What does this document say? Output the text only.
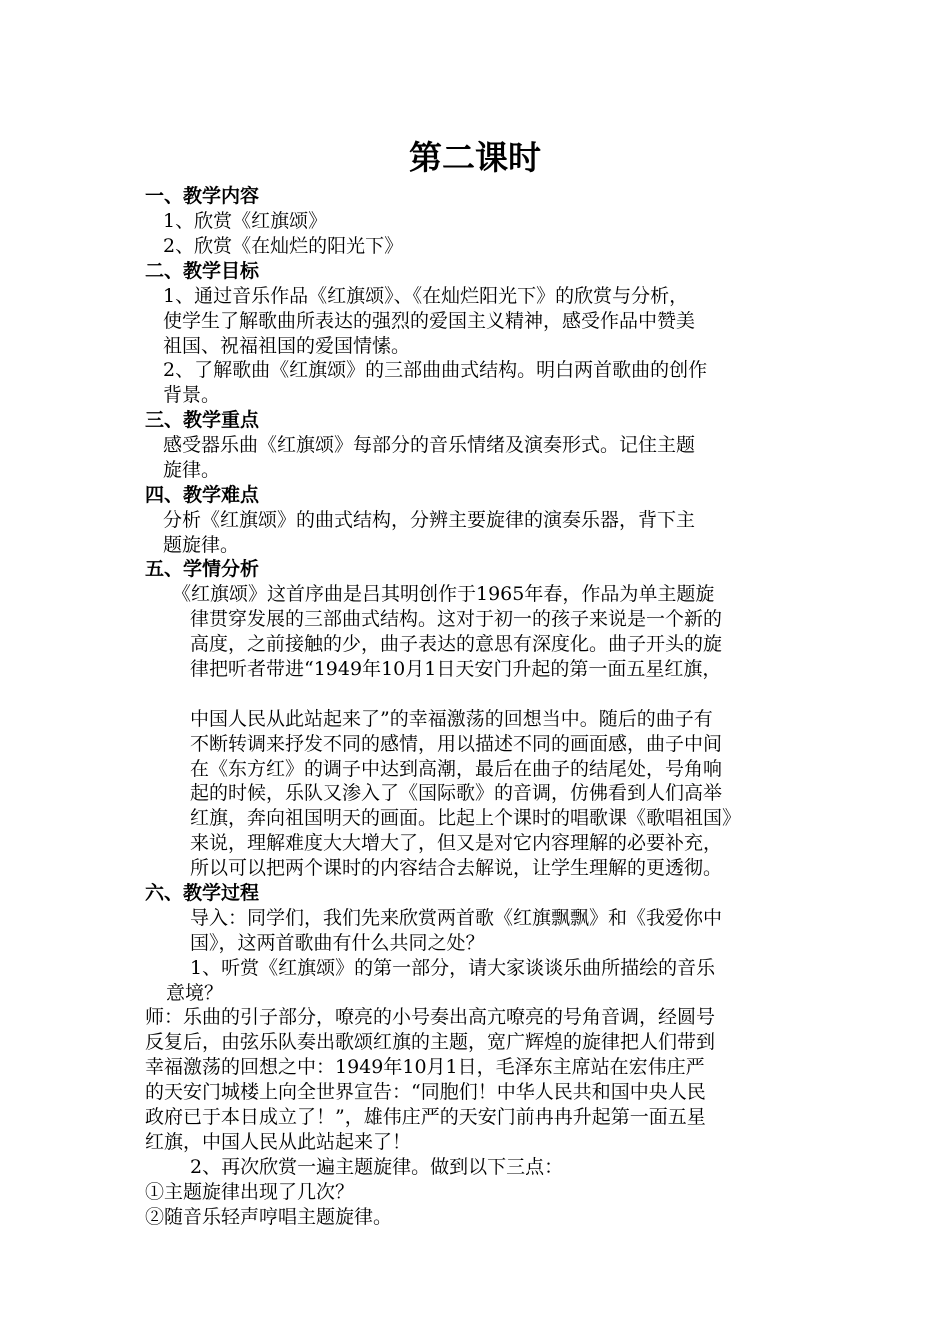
第二课时
一、教学内容
1、欣赏《红旗颂》
2、欣赏《在灿烂的阳光下》
二、教学目标
1、通过音乐作品《红旗颂》、《在灿烂阳光下》的欣赏与分析，
使学生了解歌曲所表达的强烈的爱国主义精神，感受作品中赞美
祖国、祝福祖国的爱国情愫。
2、了解歌曲《红旗颂》的三部曲曲式结构。明白两首歌曲的创作
背景。
三、教学重点
感受器乐曲《红旗颂》每部分的音乐情绪及演奏形式。记住主题
旋律。
四、教学难点
分析《红旗颂》的曲式结构，分辨主要旋律的演奏乐器，背下主
题旋律。
五、学情分析
《红旗颂》这首序曲是吕其明创作于1965年春，作品为单主题旋
律贯穿发展的三部曲式结构。这对于初一的孩子来说是一个新的
高度，之前接触的少，曲子表达的意思有深度化。曲子开头的旋
律把听者带进“1949年10月1日天安门升起的第一面五星红旗，
中国人民从此站起来了”的幸福激荡的回想当中。随后的曲子有
不断转调来抒发不同的感情，用以描述不同的画面感，曲子中间
在《东方红》的调子中达到高潮，最后在曲子的结尾处，号角响
起的时候，乐队又渗入了《国际歌》的音调，仿佛看到人们高举
红旗，奔向祖国明天的画面。比起上个课时的唱歌课《歌唱祖国》
来说，理解难度大大增大了，但又是对它内容理解的必要补充，
所以可以把两个课时的内容结合去解说，让学生理解的更透彻。
六、教学过程
导入：同学们，我们先来欣赏两首歌《红旗飘飘》和《我爱你中
国》，这两首歌曲有什么共同之处？
1、听赏《红旗颂》的第一部分，请大家谈谈乐曲所描绘的音乐
意境？
师：乐曲的引子部分，嘹亮的小号奏出高亢嘹亮的号角音调，经圆号
反复后，由弦乐队奏出歌颂红旗的主题，宽广辉煌的旋律把人们带到
幸福激荡的回想之中：1949年10月1日，毛泽东主席站在宏伟庄严
的天安门城楼上向全世界宣告：“同胞们！中华人民共和国中央人民
政府已于本日成立了！”，雄伟庄严的天安门前冉冉升起第一面五星
红旗，中国人民从此站起来了！
2、再次欣赏一遍主题旋律。做到以下三点：
①主题旋律出现了几次？
②随音乐轻声哼唱主题旋律。
